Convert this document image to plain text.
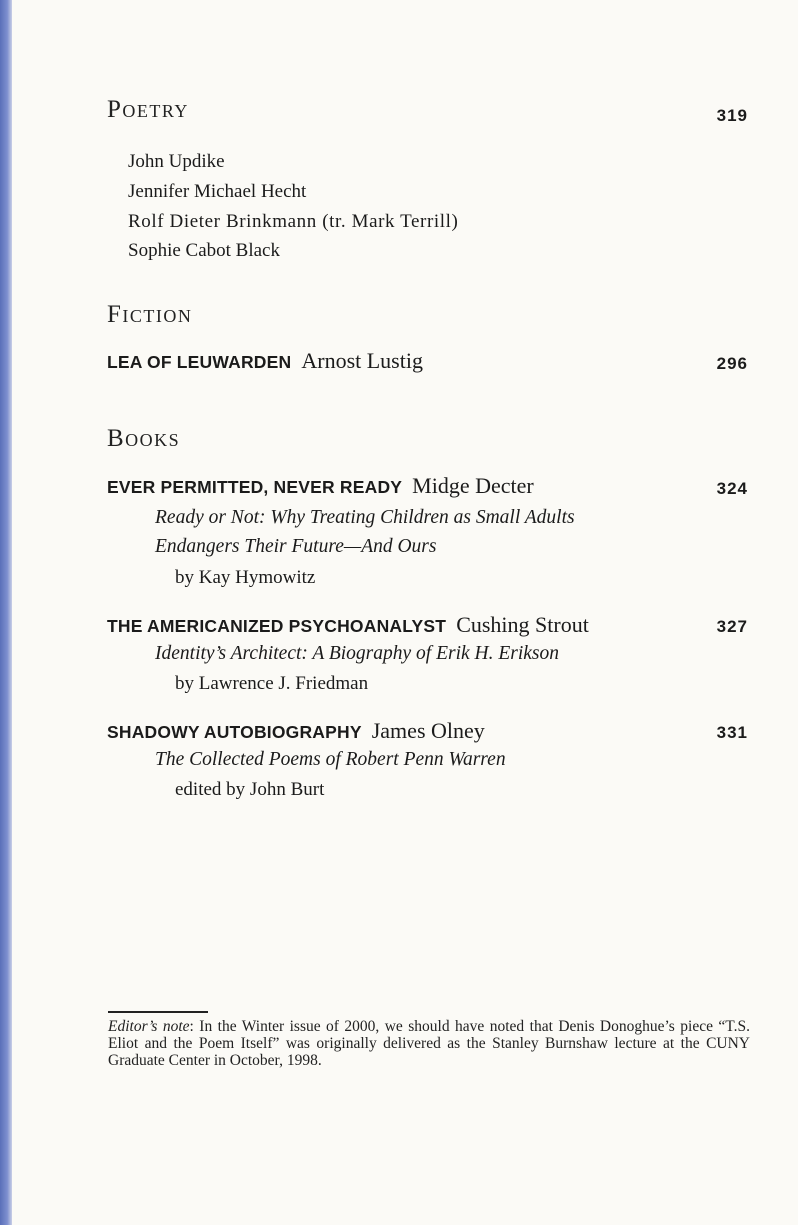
Poetry	319
John Updike
Jennifer Michael Hecht
Rolf Dieter Brinkmann (tr. Mark Terrill)
Sophie Cabot Black
Fiction
LEA OF LEUWARDEN Arnost Lustig	296
Books
EVER PERMITTED, NEVER READY Midge Decter	324
Ready or Not: Why Treating Children as Small Adults
Endangers Their Future—And Ours
by Kay Hymowitz
THE AMERICANIZED PSYCHOANALYST Cushing Strout	327
Identity’s Architect: A Biography of Erik H. Erikson
by Lawrence J. Friedman
SHADOWY AUTOBIOGRAPHY James Olney	331
The Collected Poems of Robert Penn Warren
edited by John Burt
Editor’s note: In the Winter issue of 2000, we should have noted that Denis Donoghue’s piece “T.S. Eliot and the Poem Itself” was originally delivered as the Stanley Burnshaw lecture at the CUNY Graduate Center in October, 1998.
